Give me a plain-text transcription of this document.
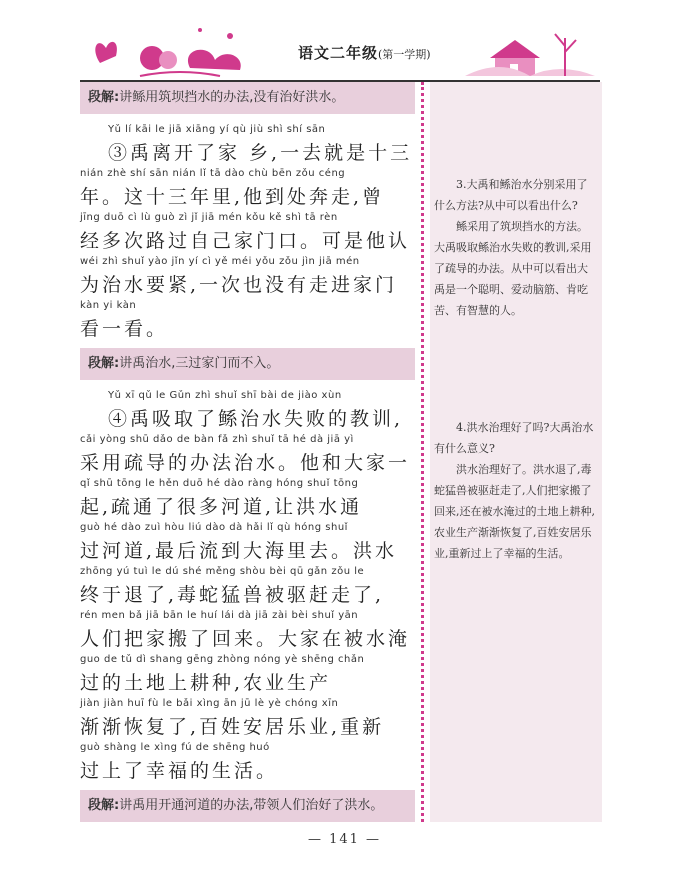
语文二年级(第一学期)
段解:讲鲧用筑坝挡水的办法,没有治好洪水。
Yǔ lí kāi le jiā xiāng yí qù jiù shì shí sān
③禹离开了家 乡,一去就是十三
nián zhè shí sān nián lǐ tā dào chù bēn zǒu céng
年。这十三年里,他到处奔走,曾
jīng duō cì lù guò zì jǐ jiā mén kǒu kě shì tā rèn
经多次路过自己家门口。可是他认
wéi zhì shuǐ yào jǐn yí cì yě méi yǒu zǒu jìn jiā mén
为治水要紧,一次也没有走进家门
kàn yi kàn
看一看。
段解:讲禹治水,三过家门而不入。
Yǔ xī qǔ le Gǔn zhì shuǐ shī bài de jiào xùn
④禹吸取了鲧治水失败的教训,
cǎi yòng shū dǎo de bàn fǎ zhì shuǐ tā hé dà jiā yì
采用疏导的办法治水。他和大家一
qǐ shū tōng le hěn duō hé dào ràng hóng shuǐ tōng
起,疏通了很多河道,让洪水通
guò hé dào zuì hòu liú dào dà hǎi lǐ qù hóng shuǐ
过河道,最后流到大海里去。洪水
zhōng yú tuì le dú shé měng shòu bèi qū gǎn zǒu le
终于退了,毒蛇猛兽被驱赶走了,
rén men bǎ jiā bān le huí lái dà jiā zài bèi shuǐ yān
人们把家搬了回来。大家在被水淹
guo de tǔ dì shang gēng zhòng nóng yè shēng chǎn
过的土地上耕种,农业生产
jiàn jiàn huī fù le bǎi xìng ān jū lè yè chóng xīn
渐渐恢复了,百姓安居乐业,重新
guò shàng le xìng fú de shēng huó
过上了幸福的生活。
段解:讲禹用开通河道的办法,带领人们治好了洪水。

3.大禹和鲧治水分别采用了什么方法?从中可以看出什么?

鲧采用了筑坝挡水的方法。大禹吸取鲧治水失败的教训,采用了疏导的办法。从中可以看出大禹是一个聪明、爱动脑筋、肯吃苦、有智慧的人。

4.洪水治理好了吗?大禹治水有什么意义?

洪水治理好了。洪水退了,毒蛇猛兽被驱赶走了,人们把家搬了回来,还在被水淹过的土地上耕种,农业生产渐渐恢复了,百姓安居乐业,重新过上了幸福的生活。

— 141 —
